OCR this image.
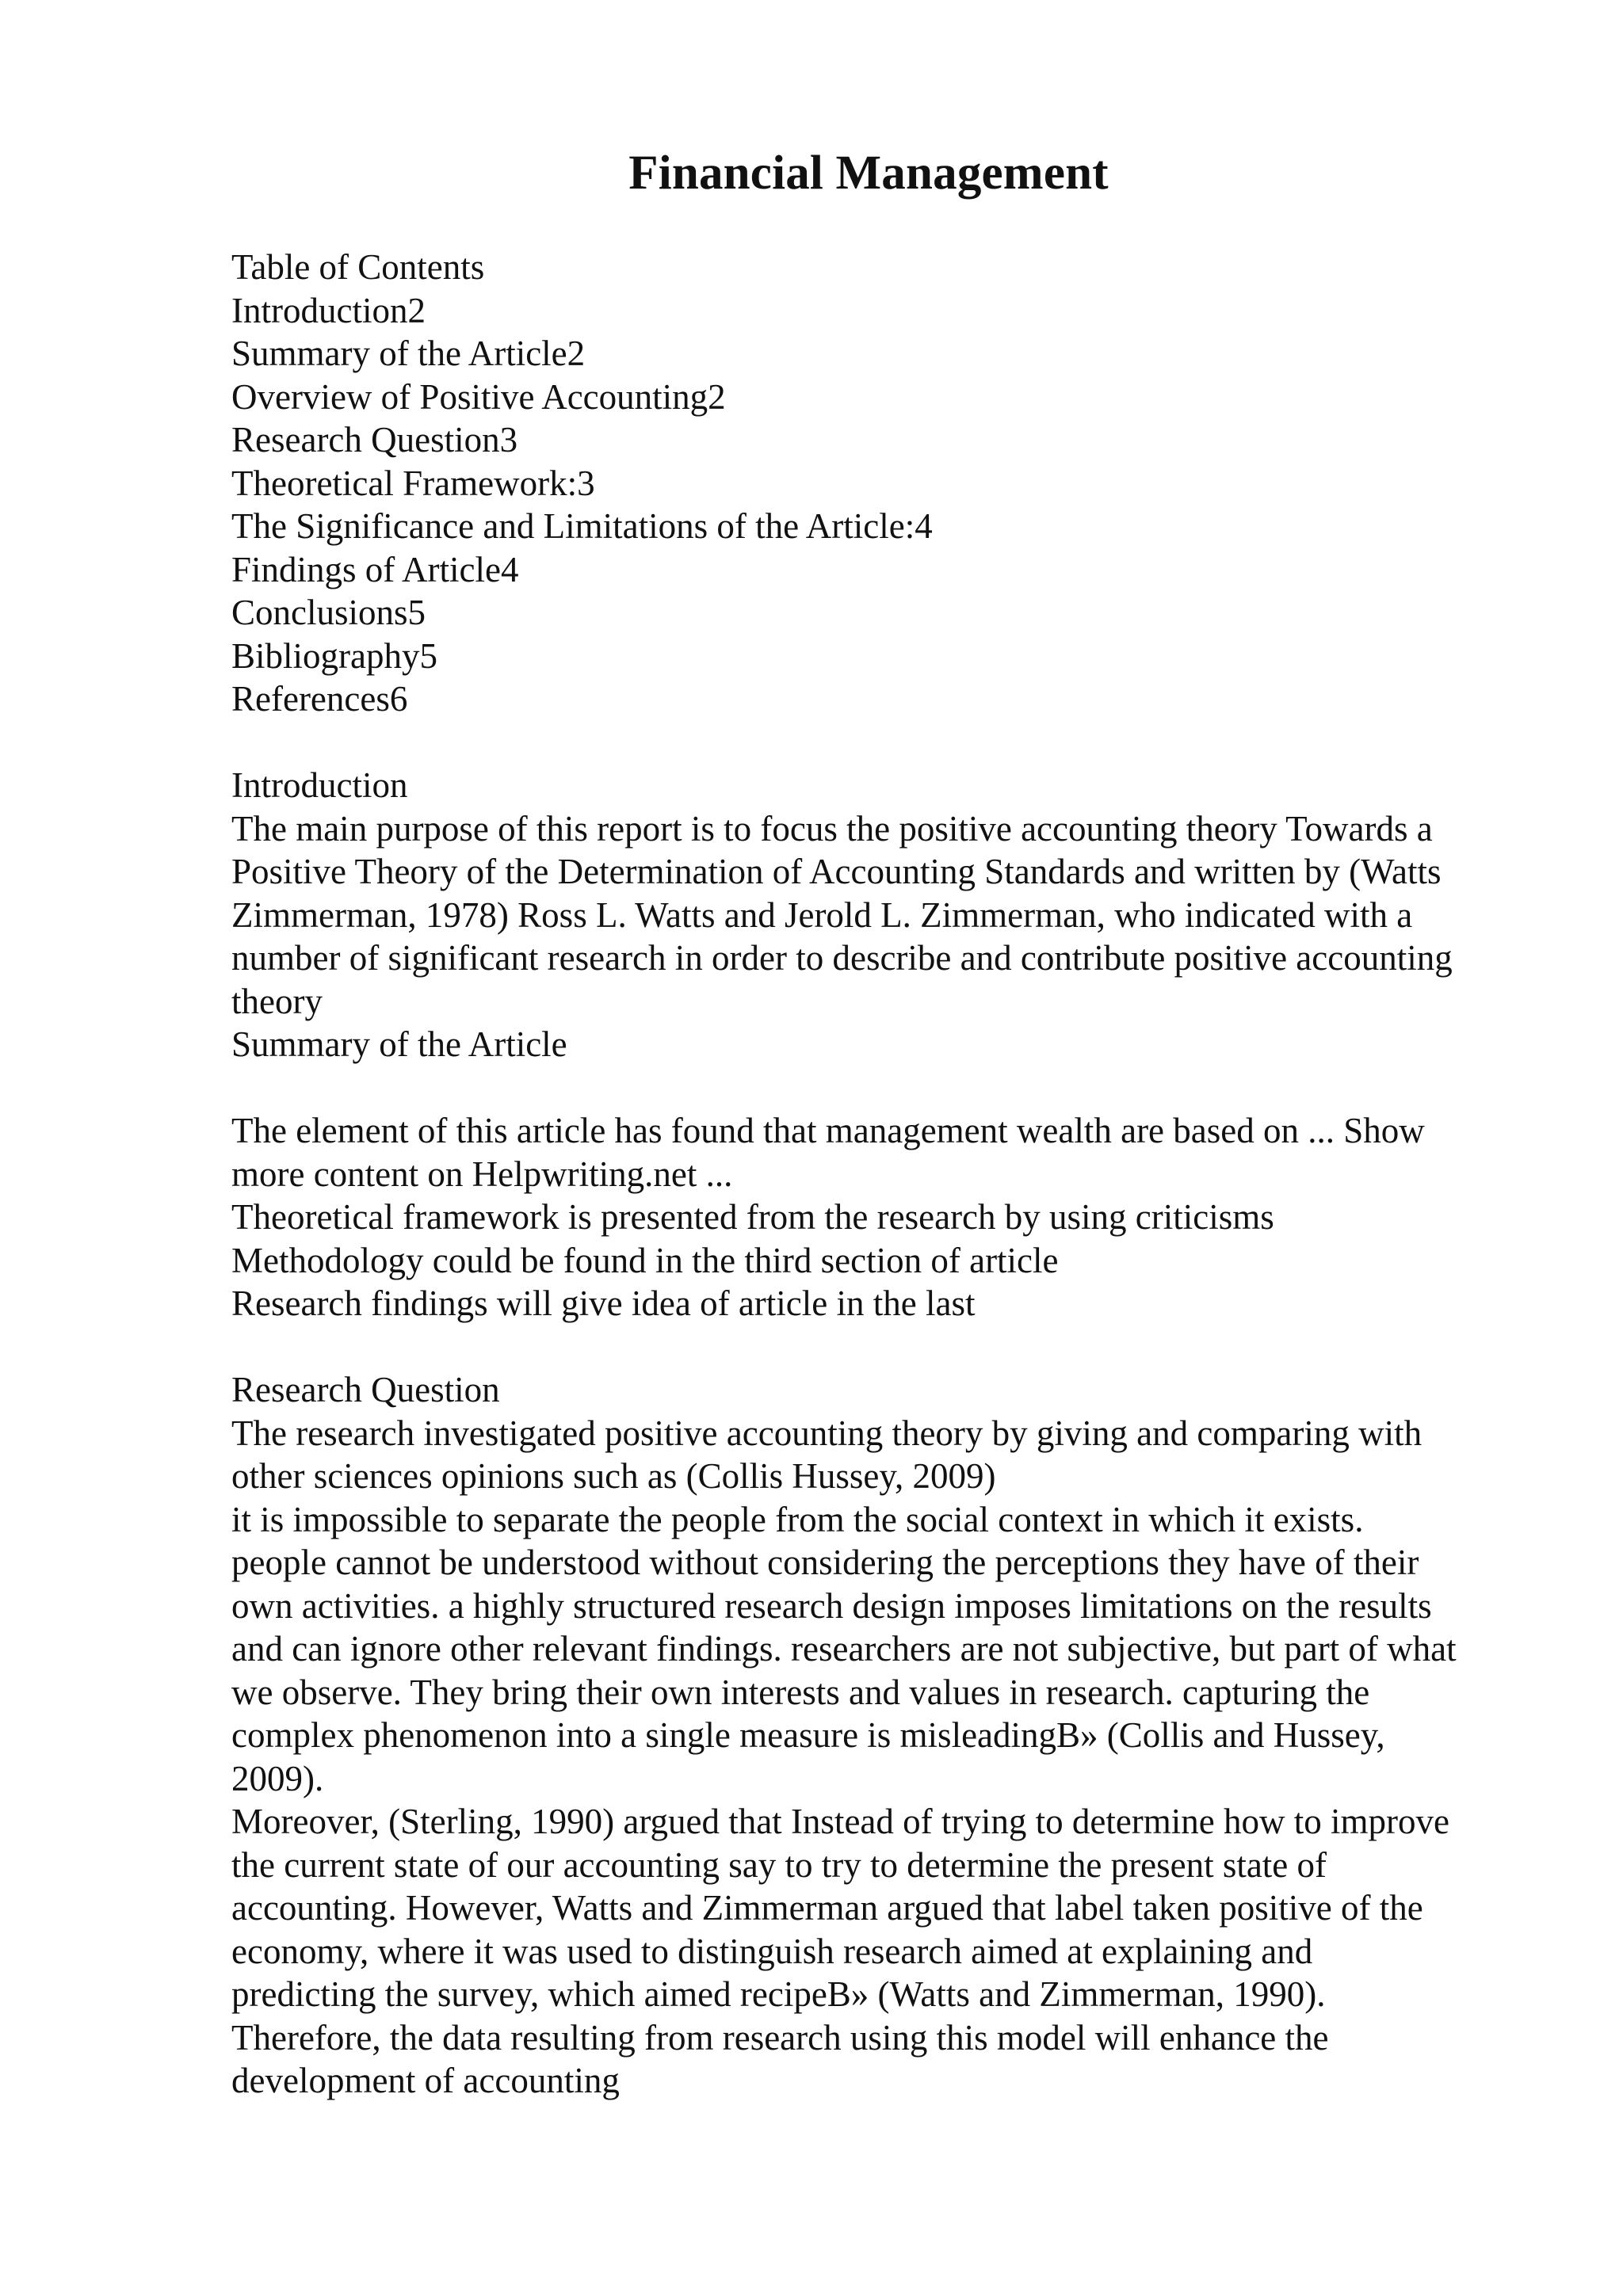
Financial Management
Table of Contents
Introduction2
Summary of the Article2
Overview of Positive Accounting2
Research Question3
Theoretical Framework:3
The Significance and Limitations of the Article:4
Findings of Article4
Conclusions5
Bibliography5
References6
Introduction
The main purpose of this report is to focus the positive accounting theory Towards a
Positive Theory of the Determination of Accounting Standards and written by (Watts
Zimmerman, 1978) Ross L. Watts and Jerold L. Zimmerman, who indicated with a
number of significant research in order to describe and contribute positive accounting
theory
Summary of the Article
The element of this article has found that management wealth are based on ... Show
more content on Helpwriting.net ...
Theoretical framework is presented from the research by using criticisms
Methodology could be found in the third section of article
Research findings will give idea of article in the last
Research Question
The research investigated positive accounting theory by giving and comparing with
other sciences opinions such as (Collis Hussey, 2009)
it is impossible to separate the people from the social context in which it exists.
people cannot be understood without considering the perceptions they have of their
own activities. a highly structured research design imposes limitations on the results
and can ignore other relevant findings. researchers are not subjective, but part of what
we observe. They bring their own interests and values in research. capturing the
complex phenomenon into a single measure is misleadingB» (Collis and Hussey,
2009).
Moreover, (Sterling, 1990) argued that Instead of trying to determine how to improve
the current state of our accounting say to try to determine the present state of
accounting. However, Watts and Zimmerman argued that label taken positive of the
economy, where it was used to distinguish research aimed at explaining and
predicting the survey, which aimed recipeB» (Watts and Zimmerman, 1990).
Therefore, the data resulting from research using this model will enhance the
development of accounting
